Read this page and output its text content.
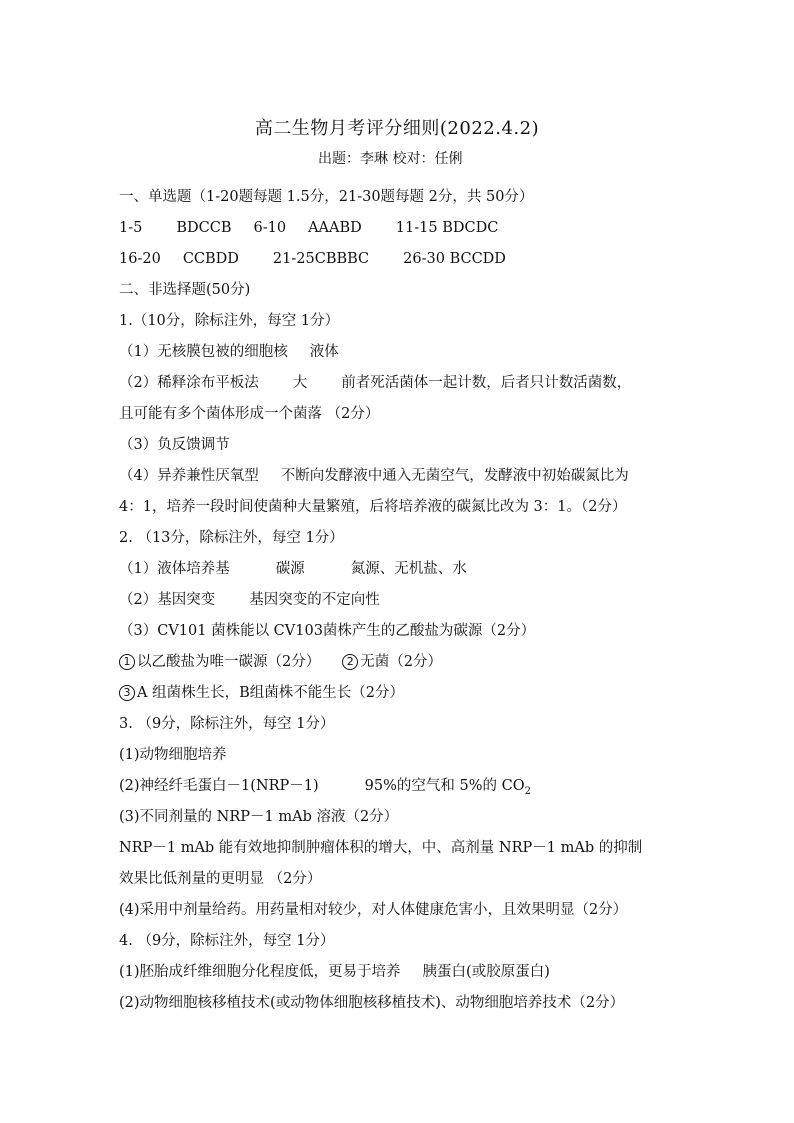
高二生物月考评分细则(2022.4.2)
出题：李琳 校对：任俐
一、单选题（1-20题每题 1.5分，21-30题每题 2分，共 50分）
1-5 BDCCB 6-10 AAABD 11-15 BDCDC
16-20 CCBDD 21-25CBBBC 26-30 BCCDD
二、非选择题(50分)
1.（10分，除标注外，每空 1分）
（1）无核膜包被的细胞核 液体
（2）稀释涂布平板法 大 前者死活菌体一起计数，后者只计数活菌数，
且可能有多个菌体形成一个菌落 （2分）
（3）负反馈调节
（4）异养兼性厌氧型 不断向发酵液中通入无菌空气，发酵液中初始碳氮比为
4：1，培养一段时间使菌种大量繁殖，后将培养液的碳氮比改为 3：1。（2分）
2. （13分，除标注外，每空 1分）
（1）液体培养基	碳源	氮源、无机盐、水
（2）基因突变 基因突变的不定向性
（3）CV101 菌株能以 CV103菌株产生的乙酸盐为碳源（2分）
1 以乙酸盐为唯一碳源（2分） 2 无菌（2分）
3 A 组菌株生长，B组菌株不能生长（2分）
3. （9分，除标注外，每空 1分）
(1)动物细胞培养
(2)神经纤毛蛋白－1(NRP－1)	95%的空气和 5%的 $CO_2$
(3)不同剂量的 NRP－1 mAb 溶液（2分）
NRP－1 mAb 能有效地抑制肿瘤体积的增大，中、高剂量 NRP－1 mAb 的抑制
效果比低剂量的更明显 （2分）
(4)采用中剂量给药。用药量相对较少，对人体健康危害小，且效果明显（2分）
4. （9分，除标注外，每空 1分）
(1)胚胎成纤维细胞分化程度低，更易于培养 胰蛋白(或胶原蛋白)
(2)动物细胞核移植技术(或动物体细胞核移植技术)、动物细胞培养技术（2分）
